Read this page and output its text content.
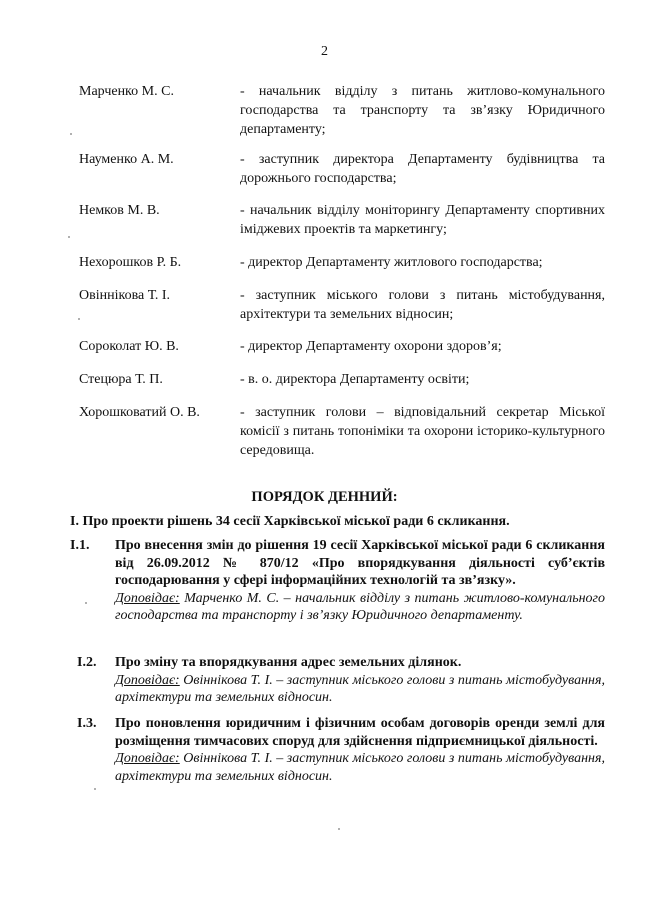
2
Марченко М. С.	- начальник відділу з питань житлово-комунального господарства та транспорту та зв’язку Юридичного департаменту;
Науменко А. М.	- заступник директора Департаменту будівництва та дорожнього господарства;
Немков М. В.	- начальник відділу моніторингу Департаменту спортивних іміджевих проектів та маркетингу;
Нехорошков Р. Б.	- директор Департаменту житлового господарства;
Овіннікова Т. І.	- заступник міського голови з питань містобудування, архітектури та земельних відносин;
Сороколат Ю. В.	- директор Департаменту охорони здоров’я;
Стецюра Т. П.	- в. о. директора Департаменту освіти;
Хорошковатий О. В.	- заступник голови – відповідальний секретар Міської комісії з питань топоніміки та охорони історико-культурного середовища.
ПОРЯДОК ДЕННИЙ:
І. Про проекти рішень 34 сесії Харківської міської ради 6 скликання.
І.1. Про внесення змін до рішення 19 сесії Харківської міської ради 6 скликання від 26.09.2012 № 870/12 «Про впорядкування діяльності суб’єктів господарювання у сфері інформаційних технологій та зв’язку».
Доповідає: Марченко М. С. – начальник відділу з питань житлово-комунального господарства та транспорту і зв’язку Юридичного департаменту.
І.2. Про зміну та впорядкування адрес земельних ділянок.
Доповідає: Овіннікова Т. І. – заступник міського голови з питань містобудування, архітектури та земельних відносин.
І.3. Про поновлення юридичним і фізичним особам договорів оренди землі для розміщення тимчасових споруд для здійснення підприємницької діяльності.
Доповідає: Овіннікова Т. І. – заступник міського голови з питань містобудування, архітектури та земельних відносин.
